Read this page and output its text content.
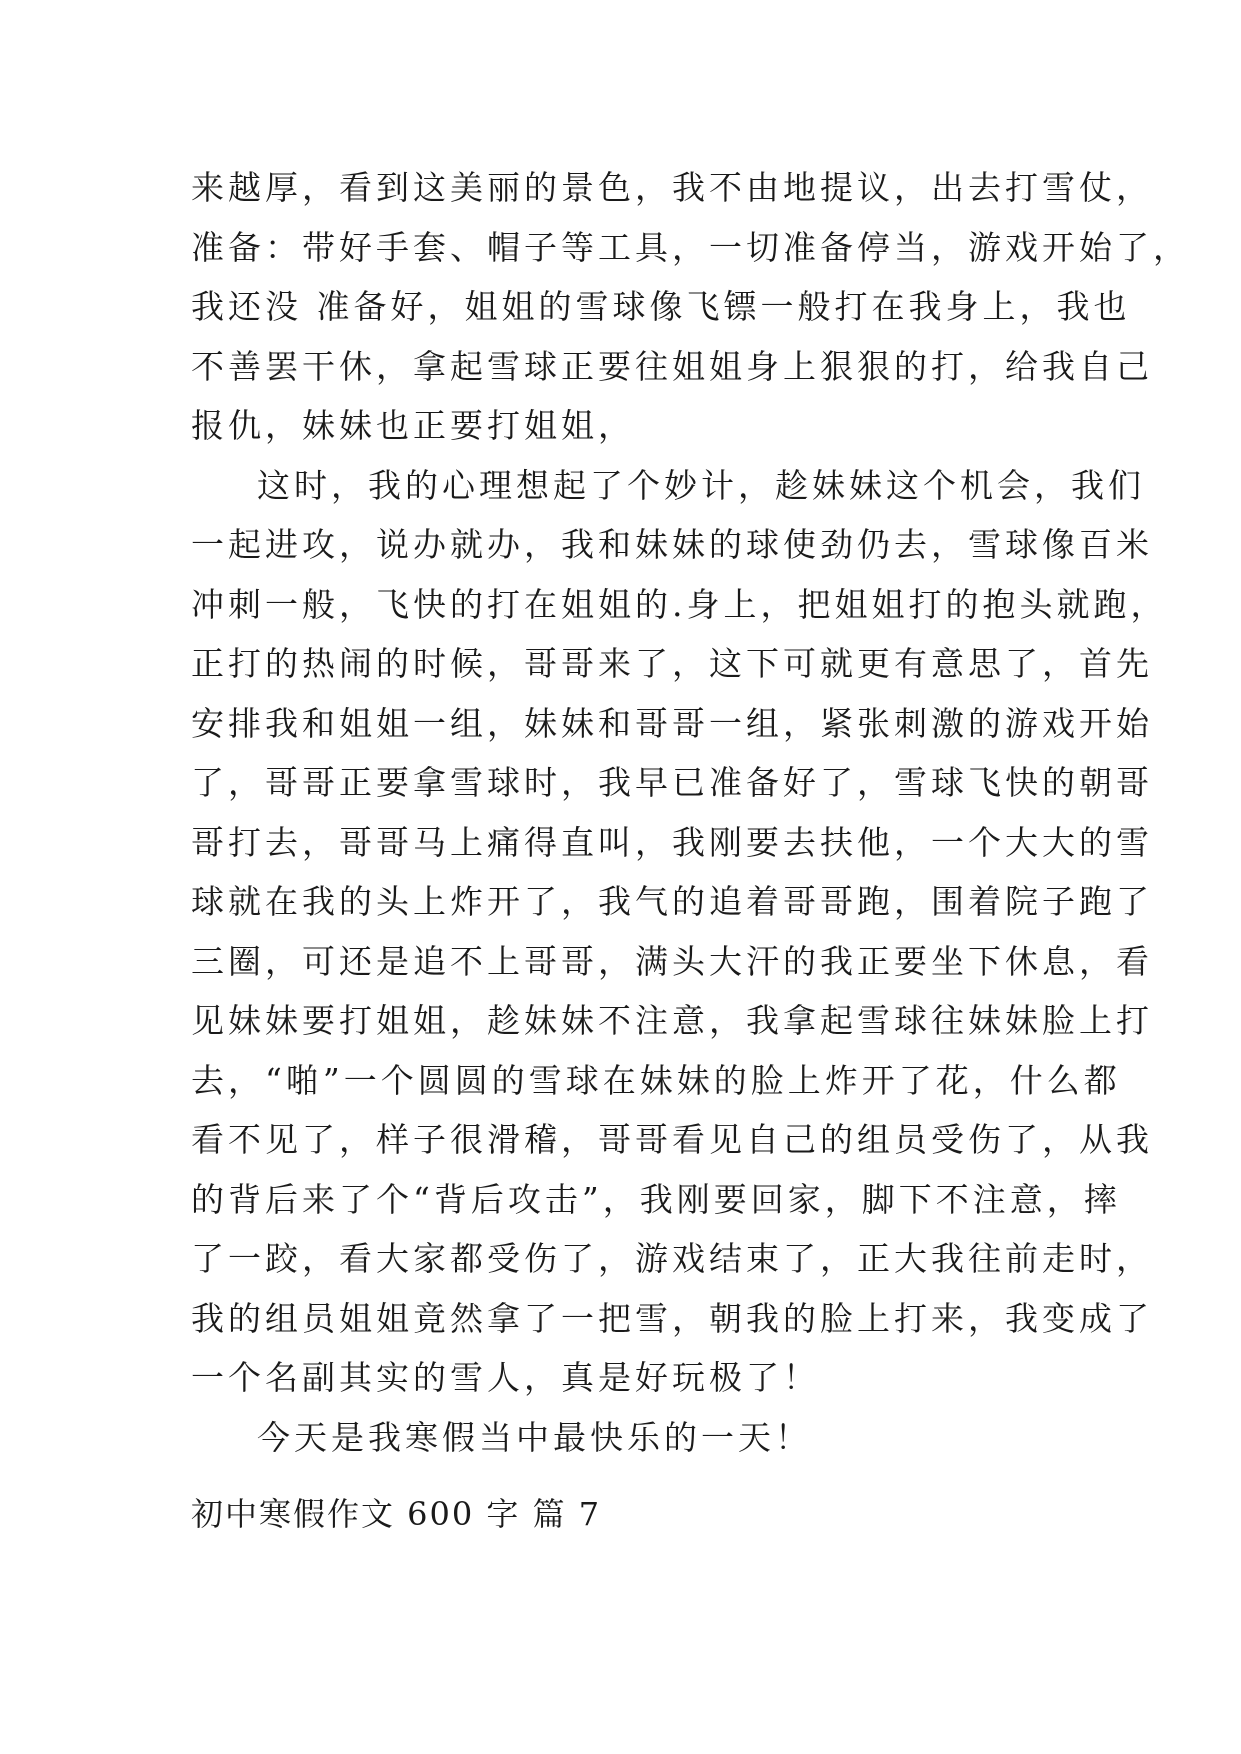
来越厚，看到这美丽的景色，我不由地提议，出去打雪仗，
准备：带好手套、帽子等工具，一切准备停当，游戏开始了，
我还没 准备好，姐姐的雪球像飞镖一般打在我身上，我也
不善罢干休，拿起雪球正要往姐姐身上狠狠的打，给我自己
报仇，妹妹也正要打姐姐，

这时，我的心理想起了个妙计，趁妹妹这个机会，我们
一起进攻，说办就办，我和妹妹的球使劲仍去，雪球像百米
冲刺一般，飞快的打在姐姐的.身上，把姐姐打的抱头就跑，
正打的热闹的时候，哥哥来了，这下可就更有意思了，首先
安排我和姐姐一组，妹妹和哥哥一组，紧张刺激的游戏开始
了，哥哥正要拿雪球时，我早已准备好了，雪球飞快的朝哥
哥打去，哥哥马上痛得直叫，我刚要去扶他，一个大大的雪
球就在我的头上炸开了，我气的追着哥哥跑，围着院子跑了
三圈，可还是追不上哥哥，满头大汗的我正要坐下休息，看
见妹妹要打姐姐，趁妹妹不注意，我拿起雪球往妹妹脸上打
去，“啪”一个圆圆的雪球在妹妹的脸上炸开了花，什么都
看不见了，样子很滑稽，哥哥看见自己的组员受伤了，从我
的背后来了个“背后攻击”，我刚要回家，脚下不注意，摔
了一跤，看大家都受伤了，游戏结束了，正大我往前走时，
我的组员姐姐竟然拿了一把雪，朝我的脸上打来，我变成了
一个名副其实的雪人，真是好玩极了！

今天是我寒假当中最快乐的一天！

初中寒假作文 600 字 篇 7
